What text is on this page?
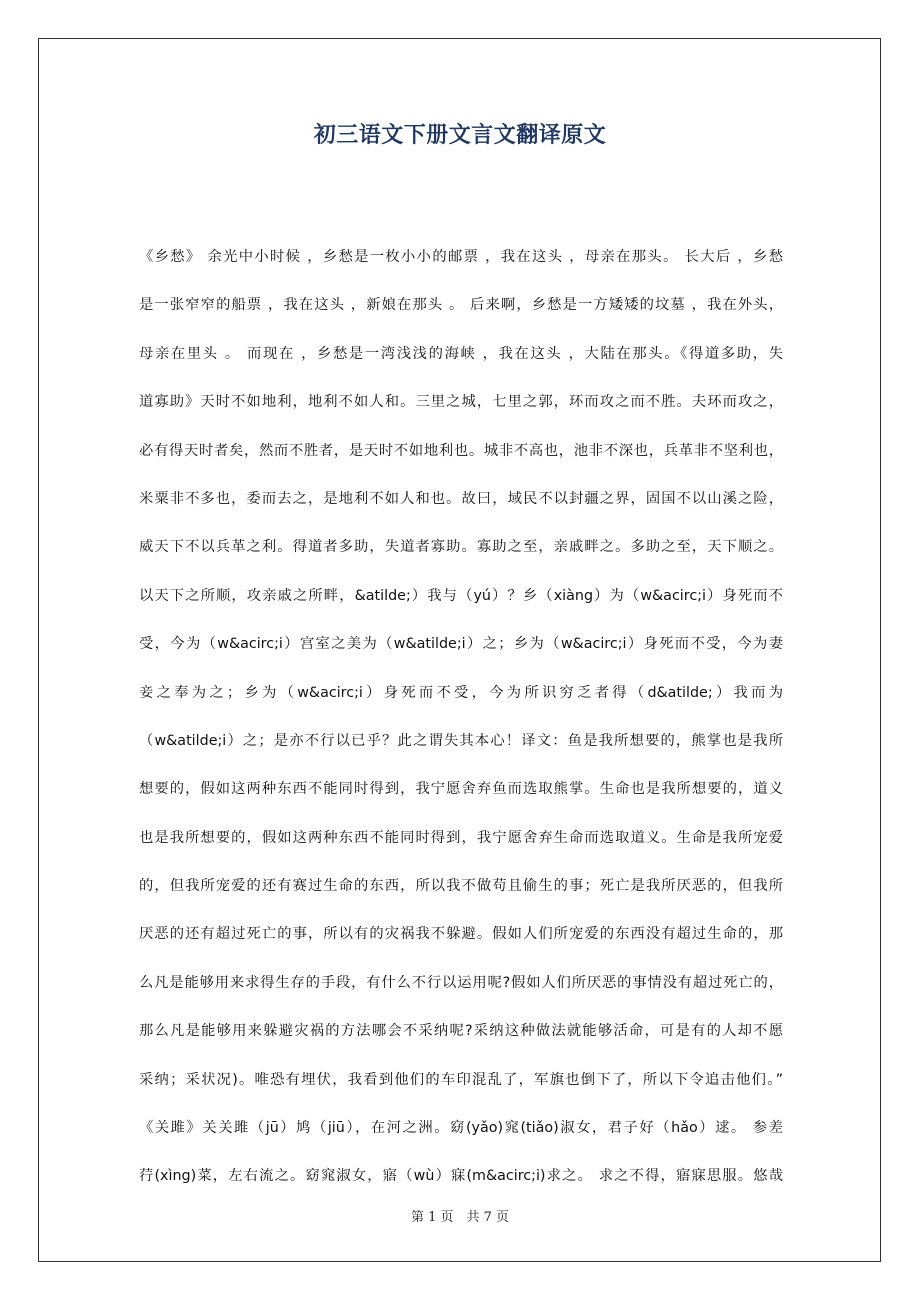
初三语文下册文言文翻译原文
《乡愁》 余光中小时候 ，乡愁是一枚小小的邮票 ，我在这头 ，母亲在那头。 长大后 ，乡愁
是一张窄窄的船票 ，我在这头 ，新娘在那头 。 后来啊，乡愁是一方矮矮的坟墓 ，我在外头，
母亲在里头 。 而现在 ，乡愁是一湾浅浅的海峡 ，我在这头 ，大陆在那头。《得道多助，失
道寡助》天时不如地利，地利不如人和。三里之城，七里之郭，环而攻之而不胜。夫环而攻之，
必有得天时者矣，然而不胜者，是天时不如地利也。城非不高也，池非不深也，兵革非不坚利也，
米粟非不多也，委而去之，是地利不如人和也。故曰，域民不以封疆之界，固国不以山溪之险，
威天下不以兵革之利。得道者多助，失道者寡助。寡助之至，亲戚畔之。多助之至，天下顺之。
以天下之所顺，攻亲戚之所畔，&atilde;）我与（yú）？乡（xiàng）为（w&acirc;i）身死而不
受，今为（w&acirc;i）宫室之美为（w&atilde;i）之；乡为（w&acirc;i）身死而不受，今为妻
妾之奉为之；乡为（w&acirc;i）身死而不受，今为所识穷乏者得（d&atilde;）我而为
（w&atilde;i）之；是亦不行以已乎？此之谓失其本心！译文：鱼是我所想要的，熊掌也是我所
想要的，假如这两种东西不能同时得到，我宁愿舍弃鱼而选取熊掌。生命也是我所想要的，道义
也是我所想要的，假如这两种东西不能同时得到，我宁愿舍弃生命而选取道义。生命是我所宠爱
的，但我所宠爱的还有赛过生命的东西，所以我不做苟且偷生的事；死亡是我所厌恶的，但我所
厌恶的还有超过死亡的事，所以有的灾祸我不躲避。假如人们所宠爱的东西没有超过生命的，那
么凡是能够用来求得生存的手段，有什么不行以运用呢?假如人们所厌恶的事情没有超过死亡的，
那么凡是能够用来躲避灾祸的方法哪会不采纳呢?采纳这种做法就能够活命，可是有的人却不愿
采纳；采状况)。唯恐有埋伏，我看到他们的车印混乱了，军旗也倒下了，所以下令追击他们。”
《关雎》关关雎（jū）鸠（jiū），在河之洲。窈(yǎo)窕(tiǎo)淑女，君子好（hǎo）逑。 参差
荇(xìng)菜，左右流之。窈窕淑女，寤（wù）寐(m&acirc;i)求之。 求之不得，寤寐思服。悠哉
第 1 页　共 7 页
